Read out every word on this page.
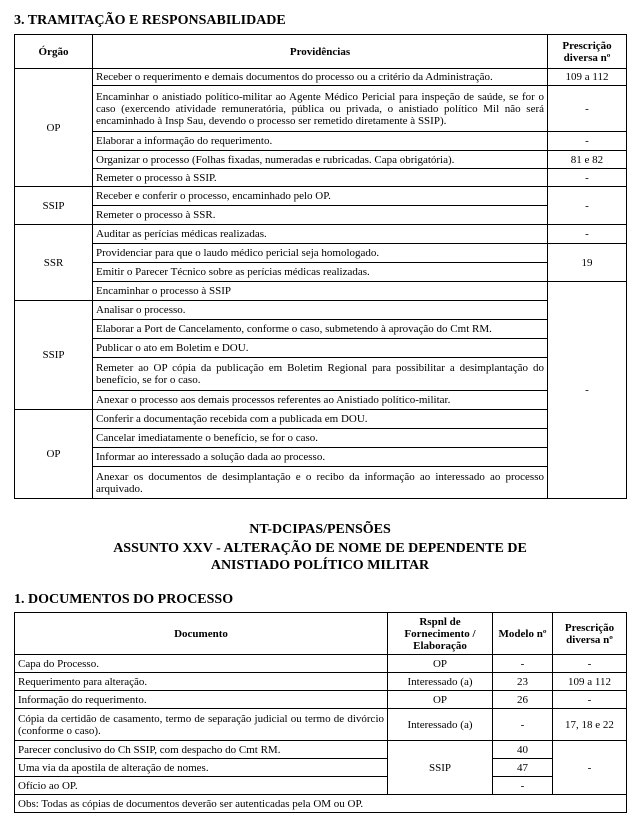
3. TRAMITAÇÃO E RESPONSABILIDADE
Órgão	Providências	Prescrição diversa nº
OP	Receber o requerimento e demais documentos do processo ou a critério da Administração.	109 a 112
	Encaminhar o anistiado político-militar ao Agente Médico Pericial para inspeção de saúde, se for o caso (exercendo atividade remuneratória, pública ou privada, o anistiado político Mil não será encaminhado à Insp Sau, devendo o processo ser remetido diretamente à SSIP).	-
	Elaborar a informação do requerimento.	-
	Organizar o processo (Folhas fixadas, numeradas e rubricadas. Capa obrigatória).	81 e 82
	Remeter o processo à SSIP.	-
SSIP	Receber e conferir o processo, encaminhado pelo OP.	-
	Remeter o processo à SSR.	
SSR	Auditar as perícias médicas realizadas.	-
	Providenciar para que o laudo médico pericial seja homologado.	19
	Emitir o Parecer Técnico sobre as perícias médicas realizadas.	
	Encaminhar o processo à SSIP	-
SSIP	Analisar o processo.	
	Elaborar a Port de Cancelamento, conforme o caso, submetendo à aprovação do Cmt RM.	
	Publicar o ato em Boletim e DOU.	
	Remeter ao OP cópia da publicação em Boletim Regional para possibilitar a desimplantação do benefício, se for o caso.	
	Anexar o processo aos demais processos referentes ao Anistiado político-militar.	
OP	Conferir a documentação recebida com a publicada em DOU.	
	Cancelar imediatamente o benefício, se for o caso.	
	Informar ao interessado a solução dada ao processo.	
	Anexar os documentos de desimplantação e o recibo da informação ao interessado ao processo arquivado.	
NT-DCIPAS/PENSÕES
ASSUNTO XXV - ALTERAÇÃO DE NOME DE DEPENDENTE DE
ANISTIADO POLÍTICO MILITAR
1. DOCUMENTOS DO PROCESSO
Documento	Rspnl de Fornecimento / Elaboração	Modelo nº	Prescrição diversa nº
Capa do Processo.	OP	-	-
Requerimento para alteração.	Interessado (a)	23	109 a 112
Informação do requerimento.	OP	26	-
Cópia da certidão de casamento, termo de separação judicial ou termo de divórcio (conforme o caso).	Interessado (a)	-	17, 18 e 22
Parecer conclusivo do Ch SSIP, com despacho do Cmt RM.	SSIP	40	-
Uma via da apostila de alteração de nomes.		47	
Ofício ao OP.		-	
Obs: Todas as cópias de documentos deverão ser autenticadas pela OM ou OP.			
